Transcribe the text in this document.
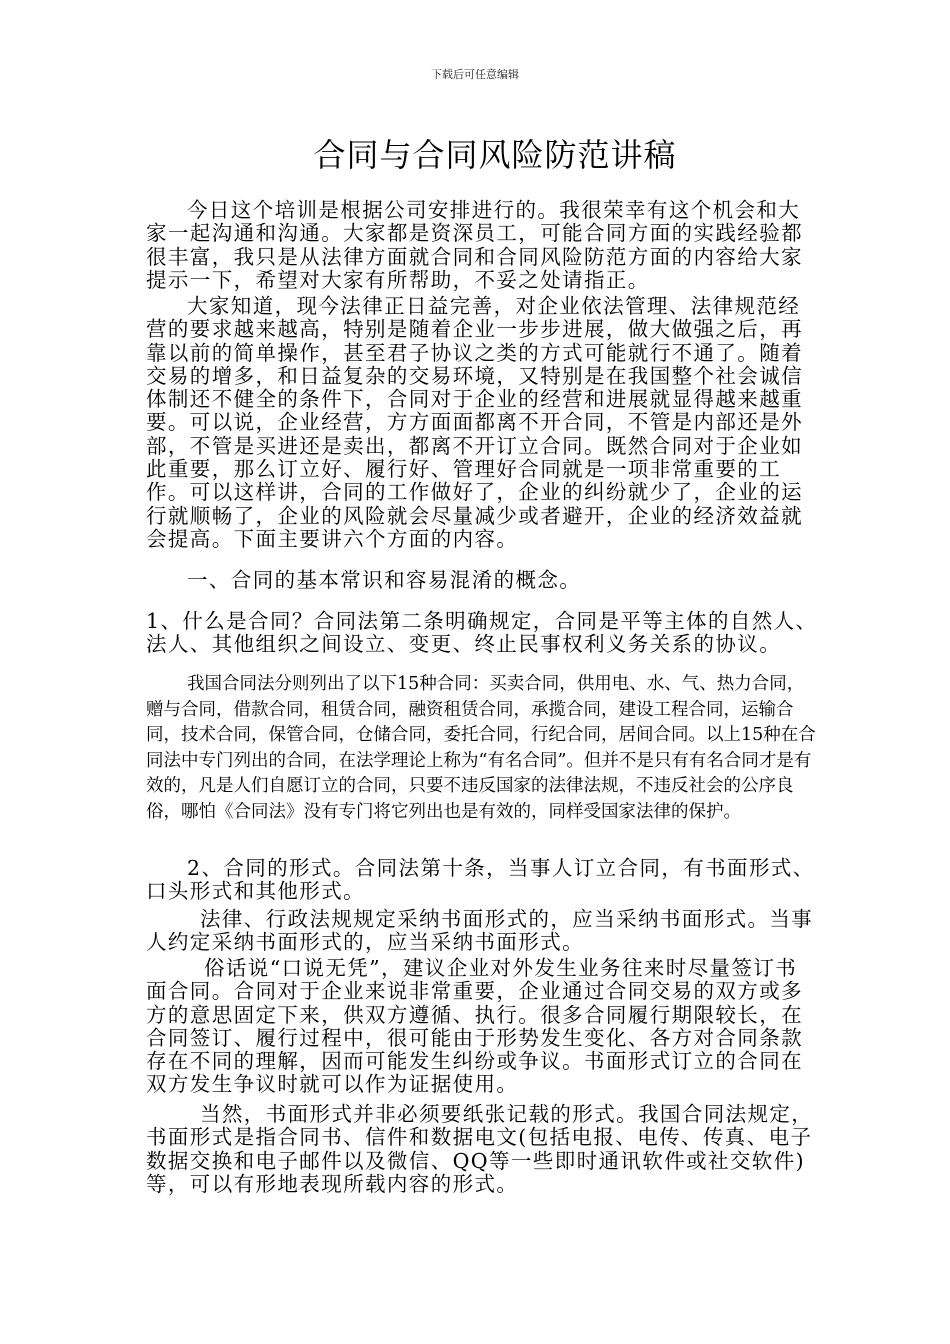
下载后可任意编辑
合同与合同风险防范讲稿

今日这个培训是根据公司安排进行的。我很荣幸有这个机会和大家一起沟通和沟通。大家都是资深员工，可能合同方面的实践经验都很丰富，我只是从法律方面就合同和合同风险防范方面的内容给大家提示一下，希望对大家有所帮助，不妥之处请指正。

大家知道，现今法律正日益完善，对企业依法管理、法律规范经营的要求越来越高，特别是随着企业一步步进展，做大做强之后，再靠以前的简单操作，甚至君子协议之类的方式可能就行不通了。随着交易的增多，和日益复杂的交易环境，又特别是在我国整个社会诚信体制还不健全的条件下，合同对于企业的经营和进展就显得越来越重要。可以说，企业经营，方方面面都离不开合同，不管是内部还是外部，不管是买进还是卖出，都离不开订立合同。既然合同对于企业如此重要，那么订立好、履行好、管理好合同就是一项非常重要的工作。可以这样讲，合同的工作做好了，企业的纠纷就少了，企业的运行就顺畅了，企业的风险就会尽量减少或者避开，企业的经济效益就会提高。下面主要讲六个方面的内容。

一、合同的基本常识和容易混淆的概念。

1、什么是合同？合同法第二条明确规定，合同是平等主体的自然人、法人、其他组织之间设立、变更、终止民事权利义务关系的协议。

我国合同法分则列出了以下15种合同：买卖合同，供用电、水、气、热力合同，赠与合同，借款合同，租赁合同，融资租赁合同，承揽合同，建设工程合同，运输合同，技术合同，保管合同，仓储合同，委托合同，行纪合同，居间合同。以上15种在合同法中专门列出的合同，在法学理论上称为“有名合同”。但并不是只有有名合同才是有效的，凡是人们自愿订立的合同，只要不违反国家的法律法规，不违反社会的公序良俗，哪怕《合同法》没有专门将它列出也是有效的，同样受国家法律的保护。

2、合同的形式。合同法第十条，当事人订立合同，有书面形式、口头形式和其他形式。

法律、行政法规规定采纳书面形式的，应当采纳书面形式。当事人约定采纳书面形式的，应当采纳书面形式。

俗话说“口说无凭”，建议企业对外发生业务往来时尽量签订书面合同。合同对于企业来说非常重要，企业通过合同交易的双方或多方的意思固定下来，供双方遵循、执行。很多合同履行期限较长，在合同签订、履行过程中，很可能由于形势发生变化、各方对合同条款存在不同的理解，因而可能发生纠纷或争议。书面形式订立的合同在双方发生争议时就可以作为证据使用。

当然，书面形式并非必须要纸张记载的形式。我国合同法规定，书面形式是指合同书、信件和数据电文(包括电报、电传、传真、电子数据交换和电子邮件以及微信、QQ等一些即时通讯软件或社交软件)等，可以有形地表现所载内容的形式。
